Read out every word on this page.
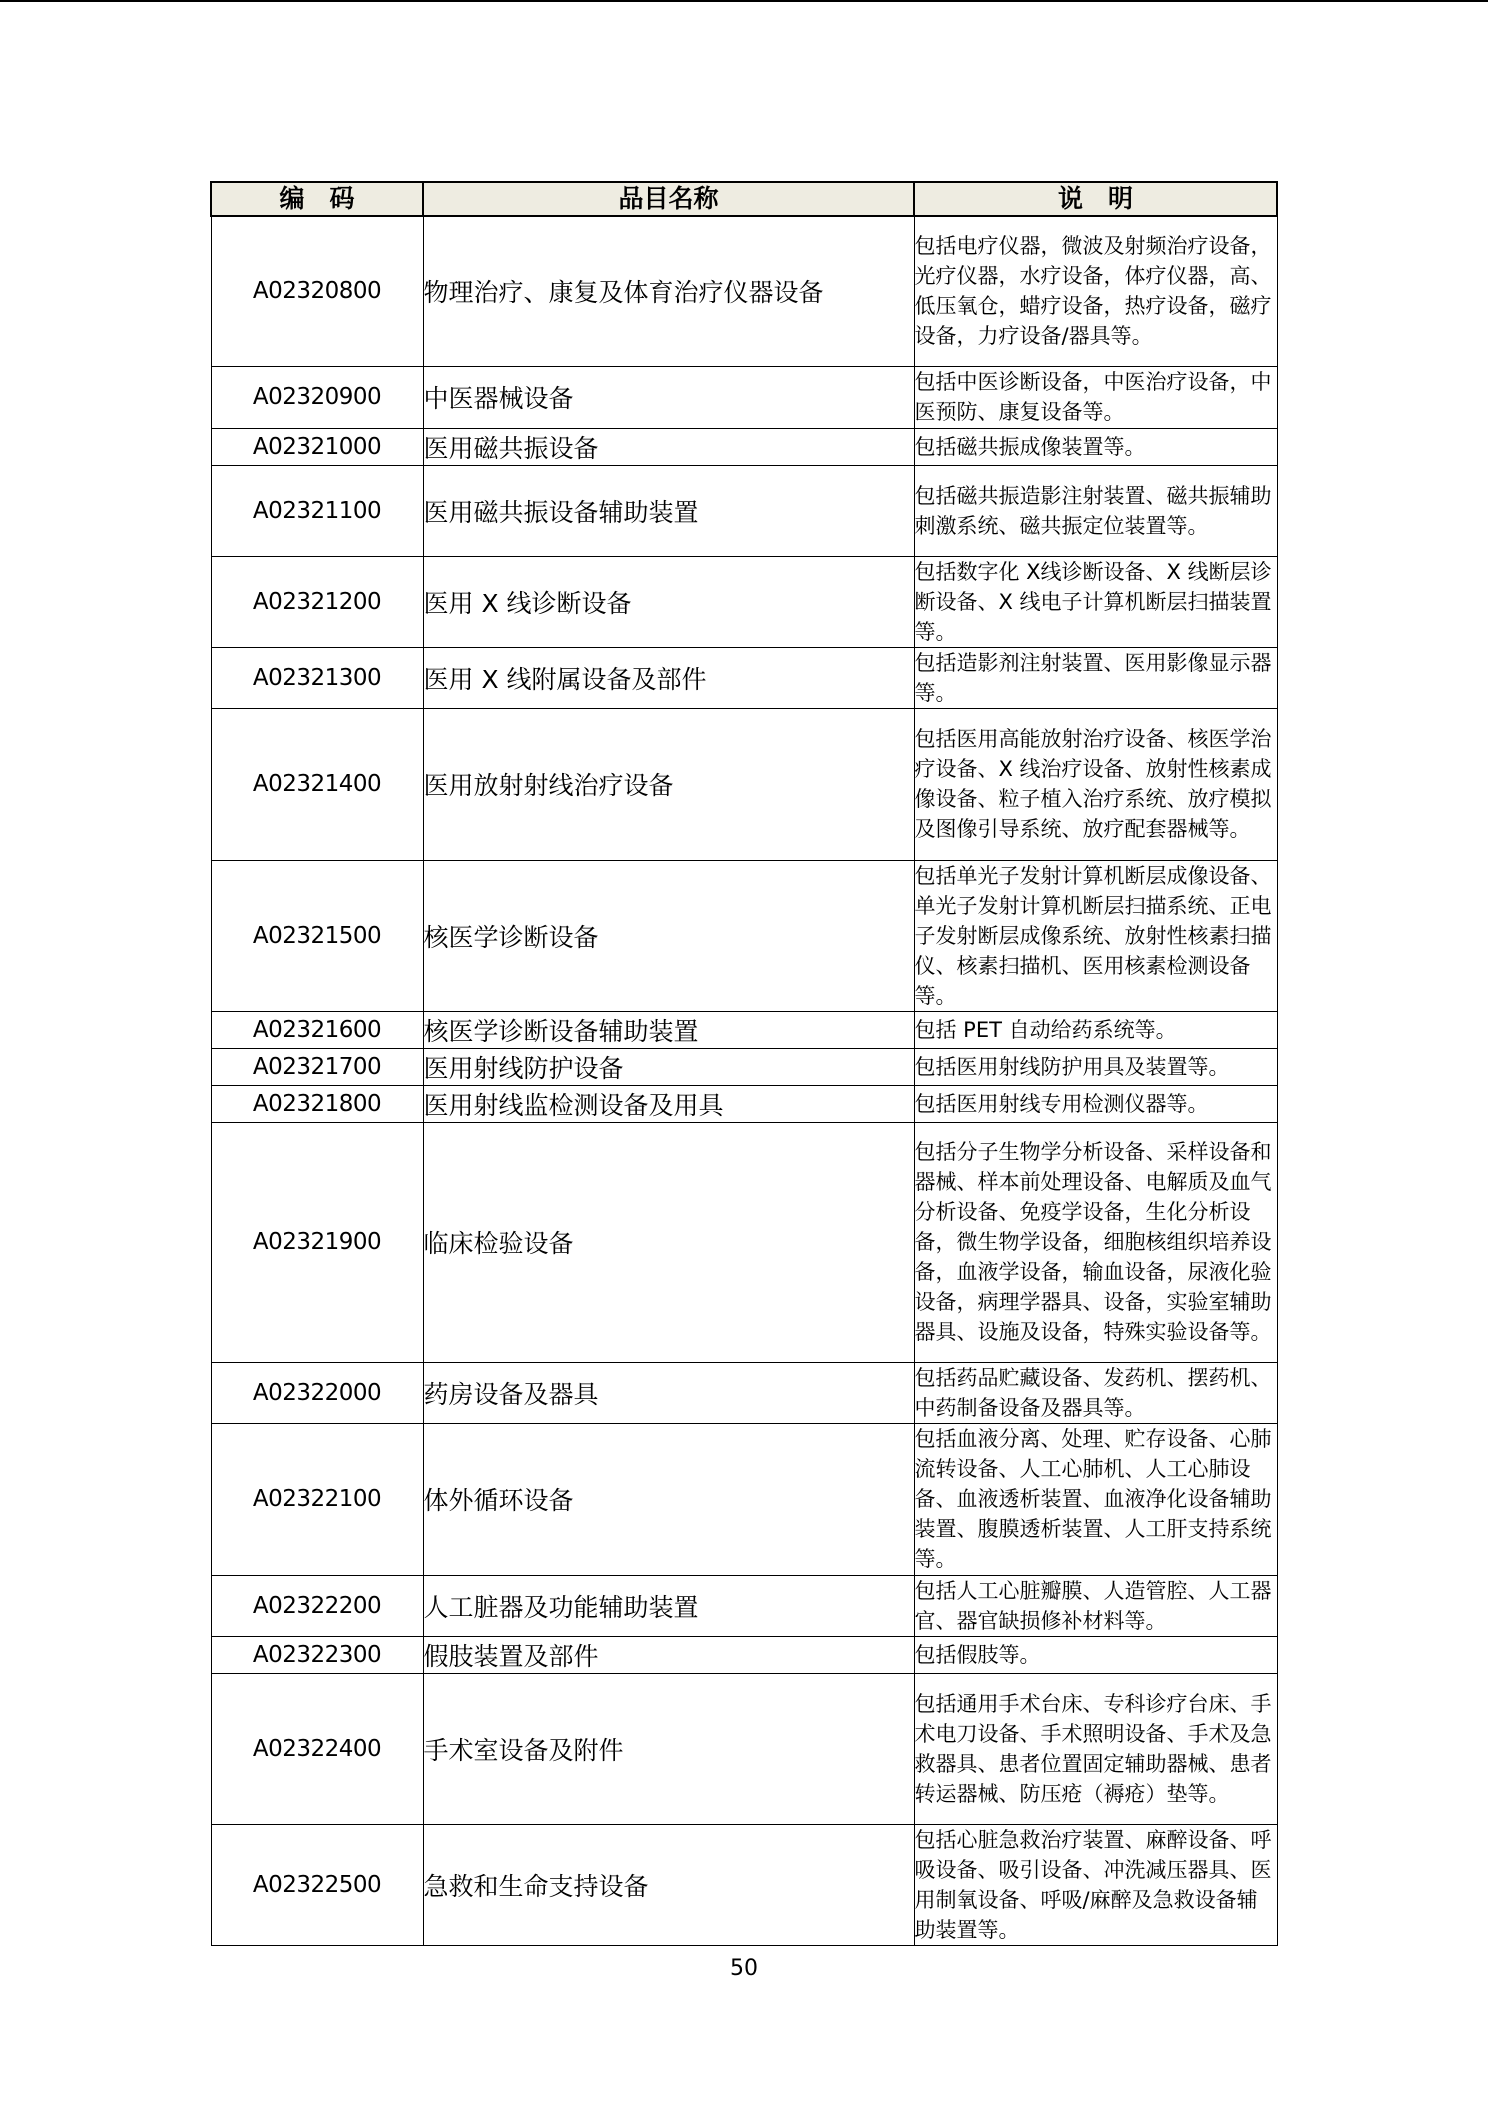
编　码	品目名称	说　明
A02320800	物理治疗、康复及体育治疗仪器设备	包括电疗仪器，微波及射频治疗设备，光疗仪器，水疗设备，体疗仪器，高、低压氧仓，蜡疗设备，热疗设备，磁疗设备，力疗设备/器具等。
A02320900	中医器械设备	包括中医诊断设备，中医治疗设备，中医预防、康复设备等。
A02321000	医用磁共振设备	包括磁共振成像装置等。
A02321100	医用磁共振设备辅助装置	包括磁共振造影注射装置、磁共振辅助刺激系统、磁共振定位装置等。
A02321200	医用 X 线诊断设备	包括数字化 X线诊断设备、X 线断层诊断设备、X 线电子计算机断层扫描装置等。
A02321300	医用 X 线附属设备及部件	包括造影剂注射装置、医用影像显示器等。
A02321400	医用放射射线治疗设备	包括医用高能放射治疗设备、核医学治疗设备、X 线治疗设备、放射性核素成像设备、粒子植入治疗系统、放疗模拟及图像引导系统、放疗配套器械等。
A02321500	核医学诊断设备	包括单光子发射计算机断层成像设备、单光子发射计算机断层扫描系统、正电子发射断层成像系统、放射性核素扫描仪、核素扫描机、医用核素检测设备等。
A02321600	核医学诊断设备辅助装置	包括 PET 自动给药系统等。
A02321700	医用射线防护设备	包括医用射线防护用具及装置等。
A02321800	医用射线监检测设备及用具	包括医用射线专用检测仪器等。
A02321900	临床检验设备	包括分子生物学分析设备、采样设备和器械、样本前处理设备、电解质及血气分析设备、免疫学设备，生化分析设备，微生物学设备，细胞核组织培养设备，血液学设备，输血设备，尿液化验设备，病理学器具、设备，实验室辅助器具、设施及设备，特殊实验设备等。
A02322000	药房设备及器具	包括药品贮藏设备、发药机、摆药机、中药制备设备及器具等。
A02322100	体外循环设备	包括血液分离、处理、贮存设备、心肺流转设备、人工心肺机、人工心肺设备、血液透析装置、血液净化设备辅助装置、腹膜透析装置、人工肝支持系统等。
A02322200	人工脏器及功能辅助装置	包括人工心脏瓣膜、人造管腔、人工器官、器官缺损修补材料等。
A02322300	假肢装置及部件	包括假肢等。
A02322400	手术室设备及附件	包括通用手术台床、专科诊疗台床、手术电刀设备、手术照明设备、手术及急救器具、患者位置固定辅助器械、患者转运器械、防压疮（褥疮）垫等。
A02322500	急救和生命支持设备	包括心脏急救治疗装置、麻醉设备、呼吸设备、吸引设备、冲洗减压器具、医用制氧设备、呼吸/麻醉及急救设备辅助装置等。
50
